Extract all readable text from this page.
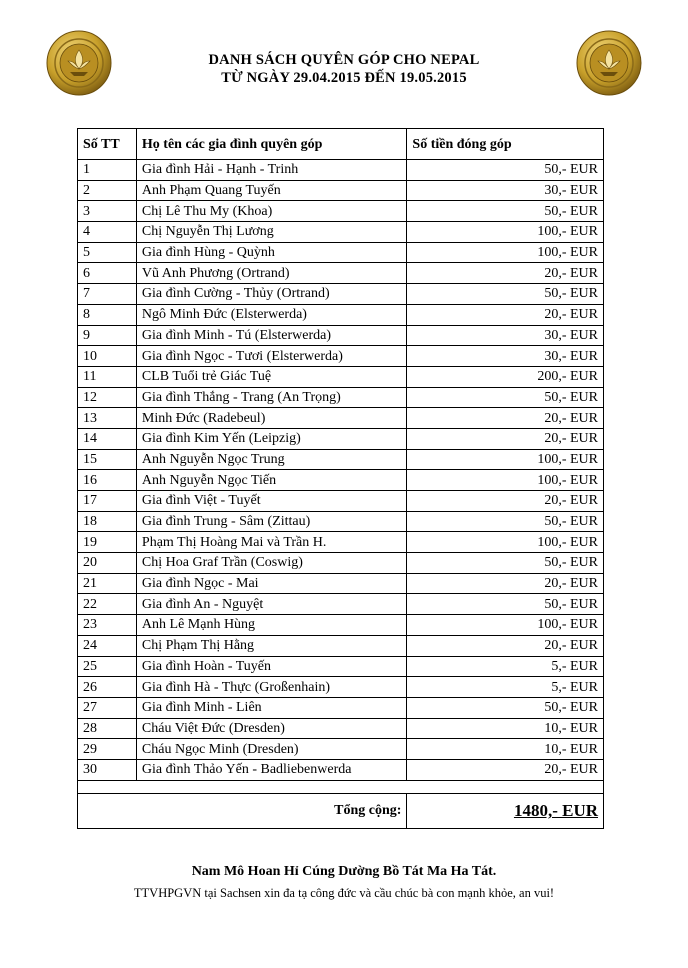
DANH SÁCH QUYÊN GÓP CHO NEPAL
TỪ NGÀY 29.04.2015 ĐẾN 19.05.2015
Số TT	Họ tên các gia đình quyên góp	Số tiền đóng góp
1	Gia đình Hải - Hạnh - Trinh	50,- EUR
2	Anh Phạm Quang Tuyến	30,- EUR
3	Chị Lê Thu My (Khoa)	50,- EUR
4	Chị Nguyễn Thị Lương	100,- EUR
5	Gia đình Hùng - Quỳnh	100,- EUR
6	Vũ Anh Phương (Ortrand)	20,- EUR
7	Gia đình Cường - Thủy (Ortrand)	50,- EUR
8	Ngô Minh Đức (Elsterwerda)	20,- EUR
9	Gia đình Minh - Tú (Elsterwerda)	30,- EUR
10	Gia đình Ngọc - Tươi (Elsterwerda)	30,- EUR
11	CLB Tuổi trẻ Giác Tuệ	200,- EUR
12	Gia đình Thắng - Trang (An Trọng)	50,- EUR
13	Minh Đức (Radebeul)	20,- EUR
14	Gia đình Kim Yến (Leipzig)	20,- EUR
15	Anh Nguyễn Ngọc Trung	100,- EUR
16	Anh Nguyễn Ngọc Tiến	100,- EUR
17	Gia đình Việt - Tuyết	20,- EUR
18	Gia đình Trung - Sâm (Zittau)	50,- EUR
19	Phạm Thị Hoàng Mai và Trần H.	100,- EUR
20	Chị Hoa Graf Trần (Coswig)	50,- EUR
21	Gia đình Ngọc - Mai	20,- EUR
22	Gia đình An - Nguyệt	50,- EUR
23	Anh Lê Mạnh Hùng	100,- EUR
24	Chị Phạm Thị Hằng	20,- EUR
25	Gia đình Hoàn - Tuyến	5,- EUR
26	Gia đình Hà - Thực (Großenhain)	5,- EUR
27	Gia đình Minh - Liên	50,- EUR
28	Cháu Việt Đức (Dresden)	10,- EUR
29	Cháu Ngọc Minh (Dresden)	10,- EUR
30	Gia đình Thảo Yến - Badliebenwerda	20,- EUR

Tổng cộng:		1480,- EUR
Nam Mô Hoan Hỉ Cúng Dường Bồ Tát Ma Ha Tát.
TTVHPGVN tại Sachsen xin đa tạ công đức và cầu chúc bà con mạnh khỏe, an vui!
